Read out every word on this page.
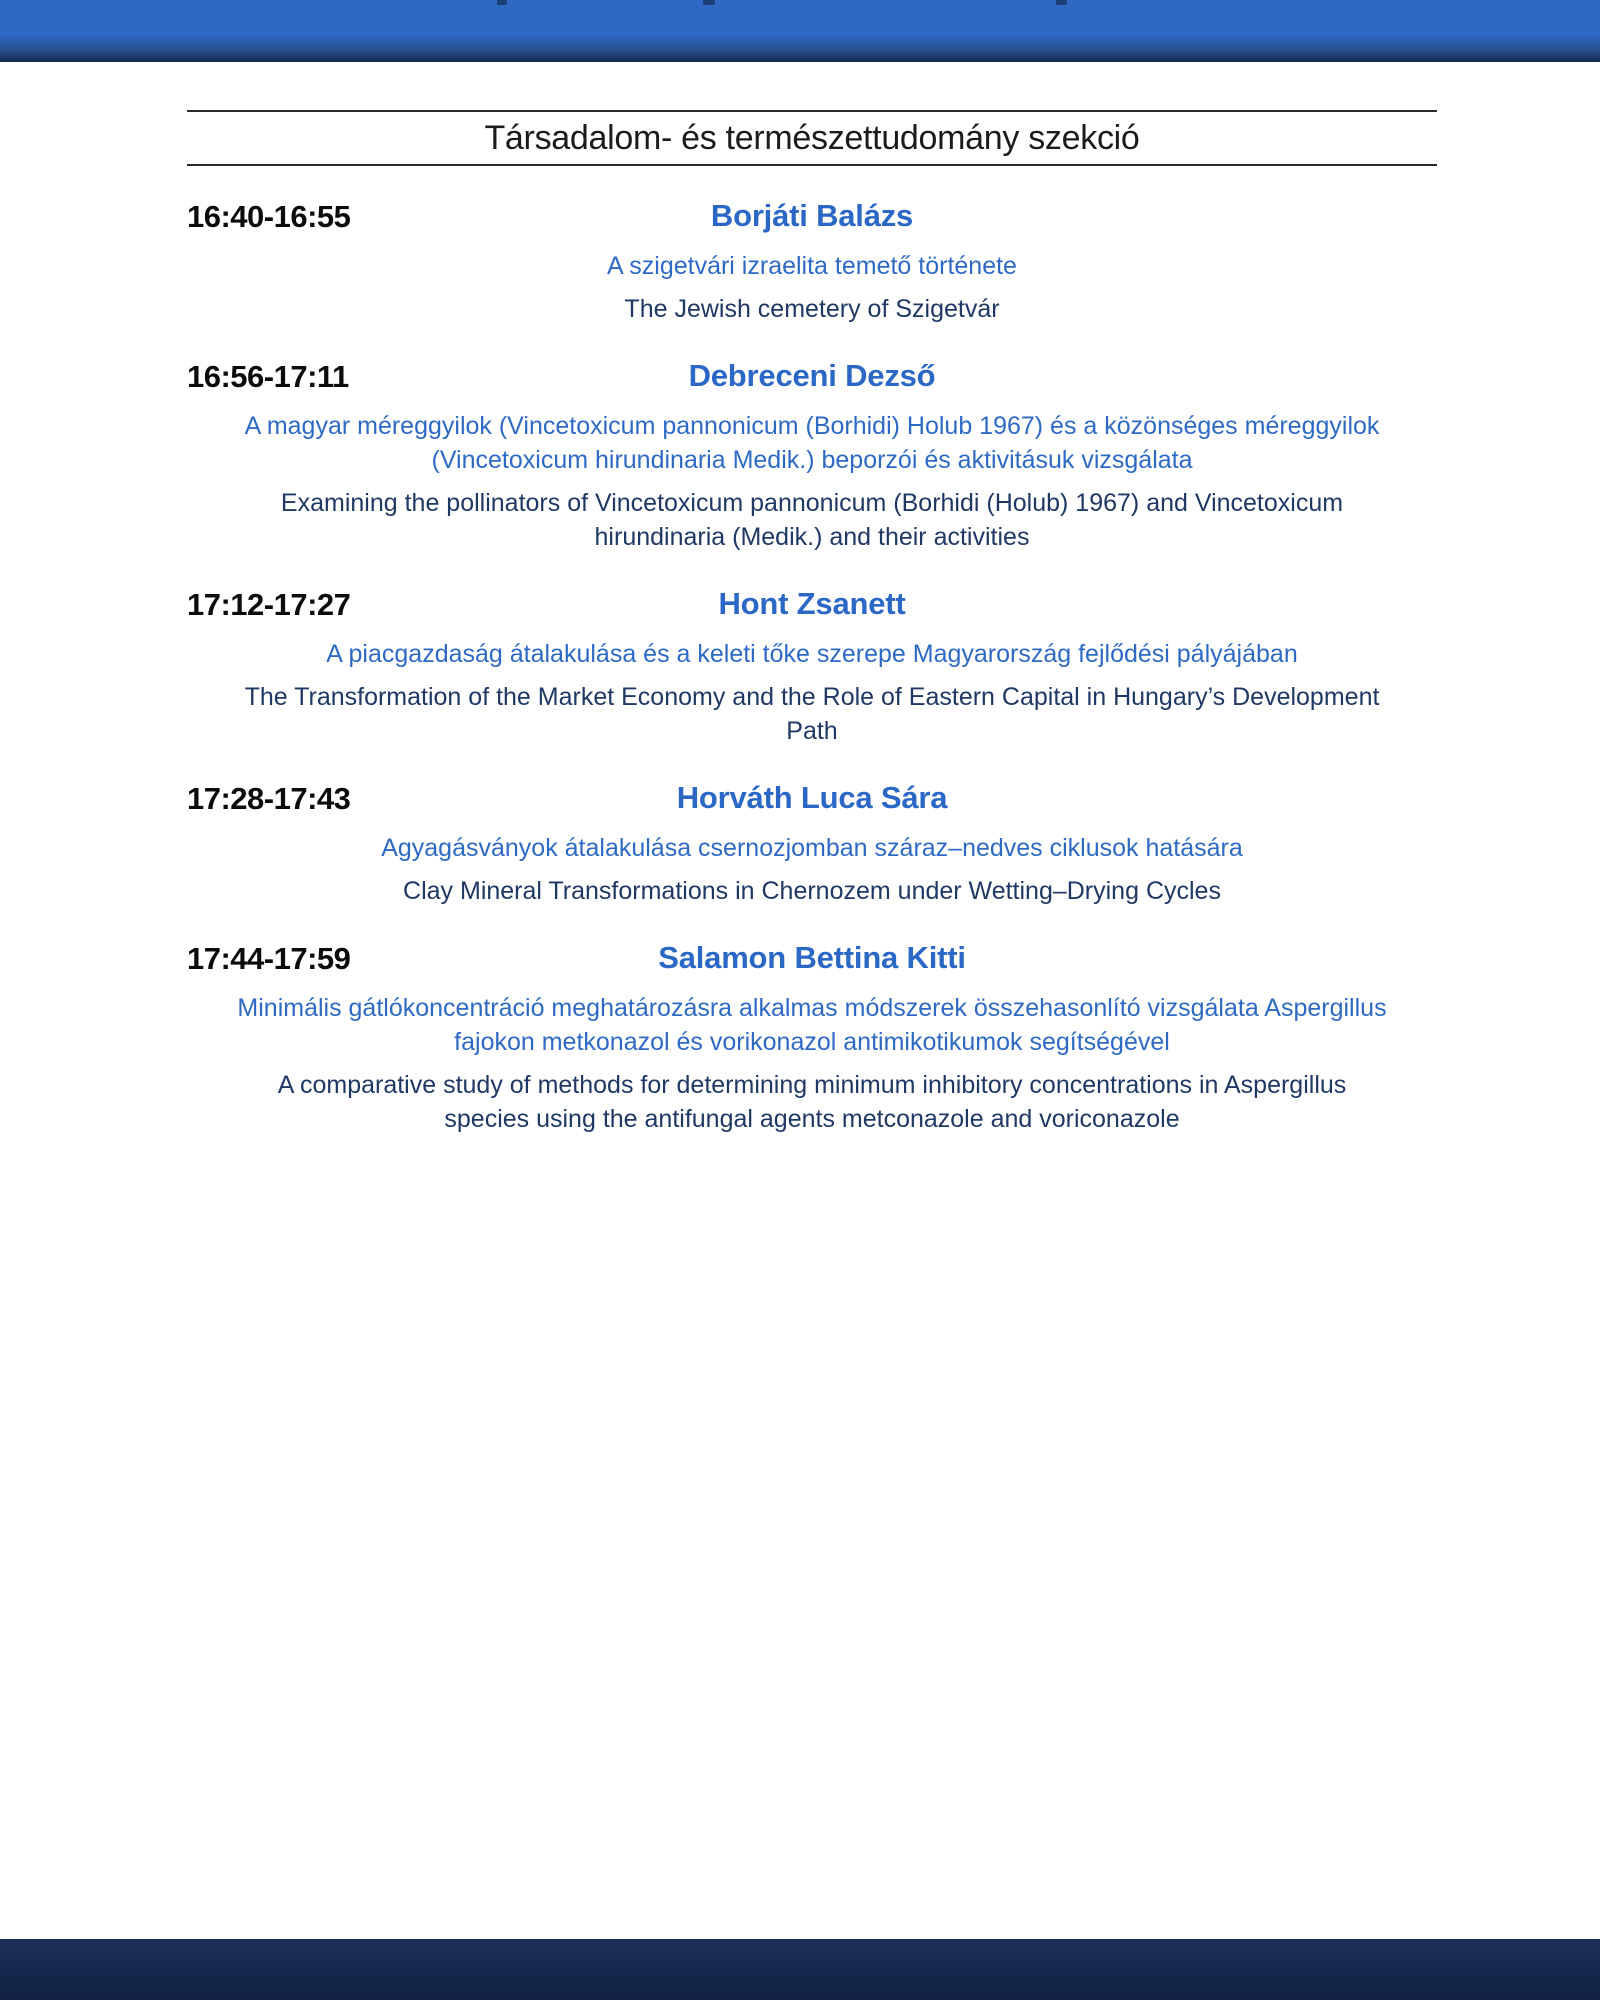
Társadalom- és természettudomány szekció
16:40-16:55	Borjáti Balázs
A szigetvári izraelita temető története
The Jewish cemetery of Szigetvár
16:56-17:11	Debreceni Dezső
A magyar méreggyilok (Vincetoxicum pannonicum (Borhidi) Holub 1967) és a közönséges méreggyilok
(Vincetoxicum hirundinaria Medik.) beporzói és aktivitásuk vizsgálata
Examining the pollinators of Vincetoxicum pannonicum (Borhidi (Holub) 1967) and Vincetoxicum
hirundinaria (Medik.) and their activities
17:12-17:27	Hont Zsanett
A piacgazdaság átalakulása és a keleti tőke szerepe Magyarország fejlődési pályájában
The Transformation of the Market Economy and the Role of Eastern Capital in Hungary’s Development
Path
17:28-17:43	Horváth Luca Sára
Agyagásványok átalakulása csernozjomban száraz–nedves ciklusok hatására
Clay Mineral Transformations in Chernozem under Wetting–Drying Cycles
17:44-17:59	Salamon Bettina Kitti
Minimális gátlókoncentráció meghatározásra alkalmas módszerek összehasonlító vizsgálata Aspergillus
fajokon metkonazol és vorikonazol antimikotikumok segítségével
A comparative study of methods for determining minimum inhibitory concentrations in Aspergillus
species using the antifungal agents metconazole and voriconazole
